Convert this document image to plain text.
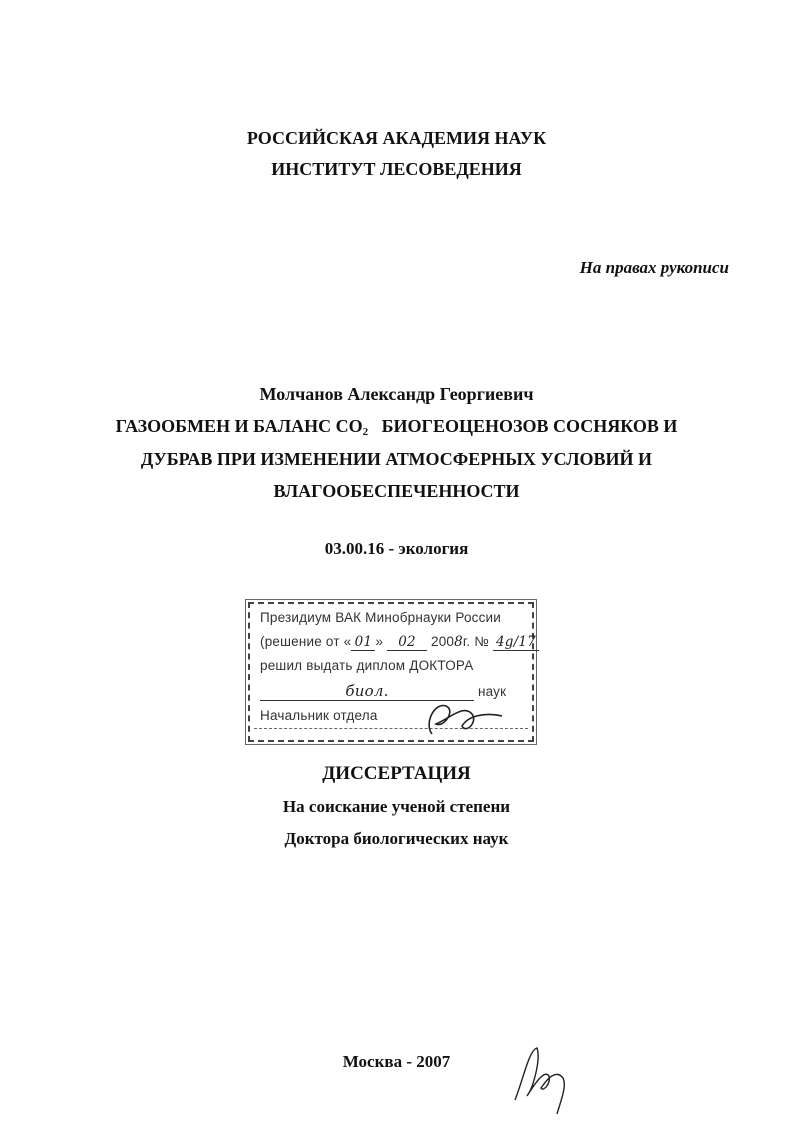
РОССИЙСКАЯ АКАДЕМИЯ НАУК
ИНСТИТУТ ЛЕСОВЕДЕНИЯ
На правах рукописи
Молчанов Александр Георгиевич
ГАЗООБМЕН И БАЛАНС $СО_2$ БИОГЕОЦЕНОЗОВ СОСНЯКОВ И
ДУБРАВ ПРИ ИЗМЕНЕНИИ АТМОСФЕРНЫХ УСЛОВИЙ И
ВЛАГООБЕСПЕЧЕННОСТИ
03.00.16 - экология
Президиум ВАК Минобрнауки России
(решение от « 01 » 02 2008г. № 4g/17
решил выдать диплом ДОКТОРА
биол.	наук
Начальник отдела
ДИССЕРТАЦИЯ
На соискание ученой степени
Доктора биологических наук
Москва - 2007
